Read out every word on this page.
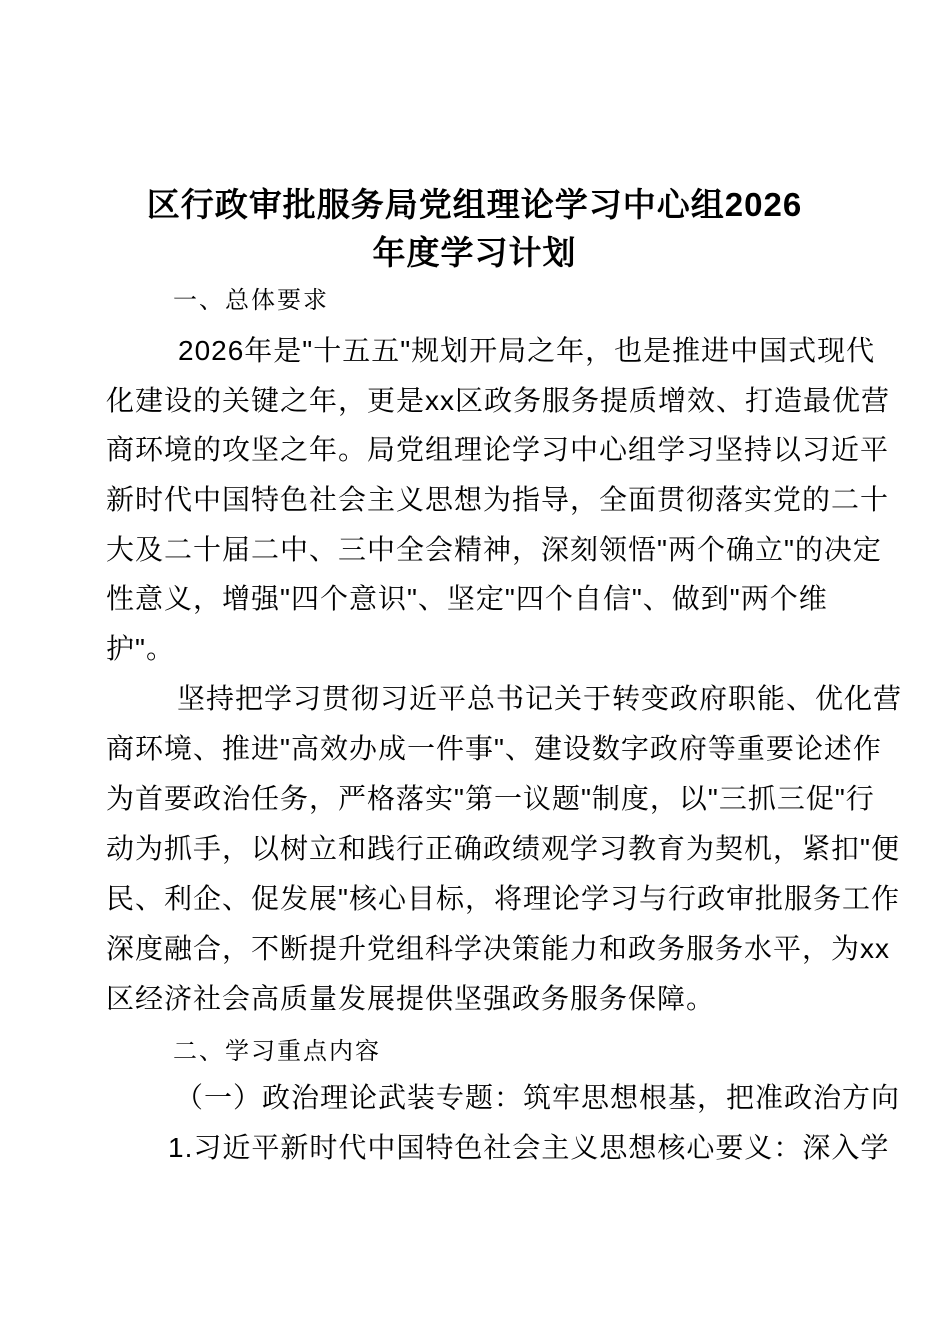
区行政审批服务局党组理论学习中心组2026
年度学习计划
一、总体要求
2026年是"十五五"规划开局之年，也是推进中国式现代
化建设的关键之年，更是xx区政务服务提质增效、打造最优营
商环境的攻坚之年。局党组理论学习中心组学习坚持以习近平
新时代中国特色社会主义思想为指导，全面贯彻落实党的二十
大及二十届二中、三中全会精神，深刻领悟"两个确立"的决定
性意义，增强"四个意识"、坚定"四个自信"、做到"两个维
护"。
坚持把学习贯彻习近平总书记关于转变政府职能、优化营
商环境、推进"高效办成一件事"、建设数字政府等重要论述作
为首要政治任务，严格落实"第一议题"制度，以"三抓三促"行
动为抓手，以树立和践行正确政绩观学习教育为契机，紧扣"便
民、利企、促发展"核心目标，将理论学习与行政审批服务工作
深度融合，不断提升党组科学决策能力和政务服务水平，为xx
区经济社会高质量发展提供坚强政务服务保障。
二、学习重点内容
（一）政治理论武装专题：筑牢思想根基，把准政治方向
1.习近平新时代中国特色社会主义思想核心要义：深入学
